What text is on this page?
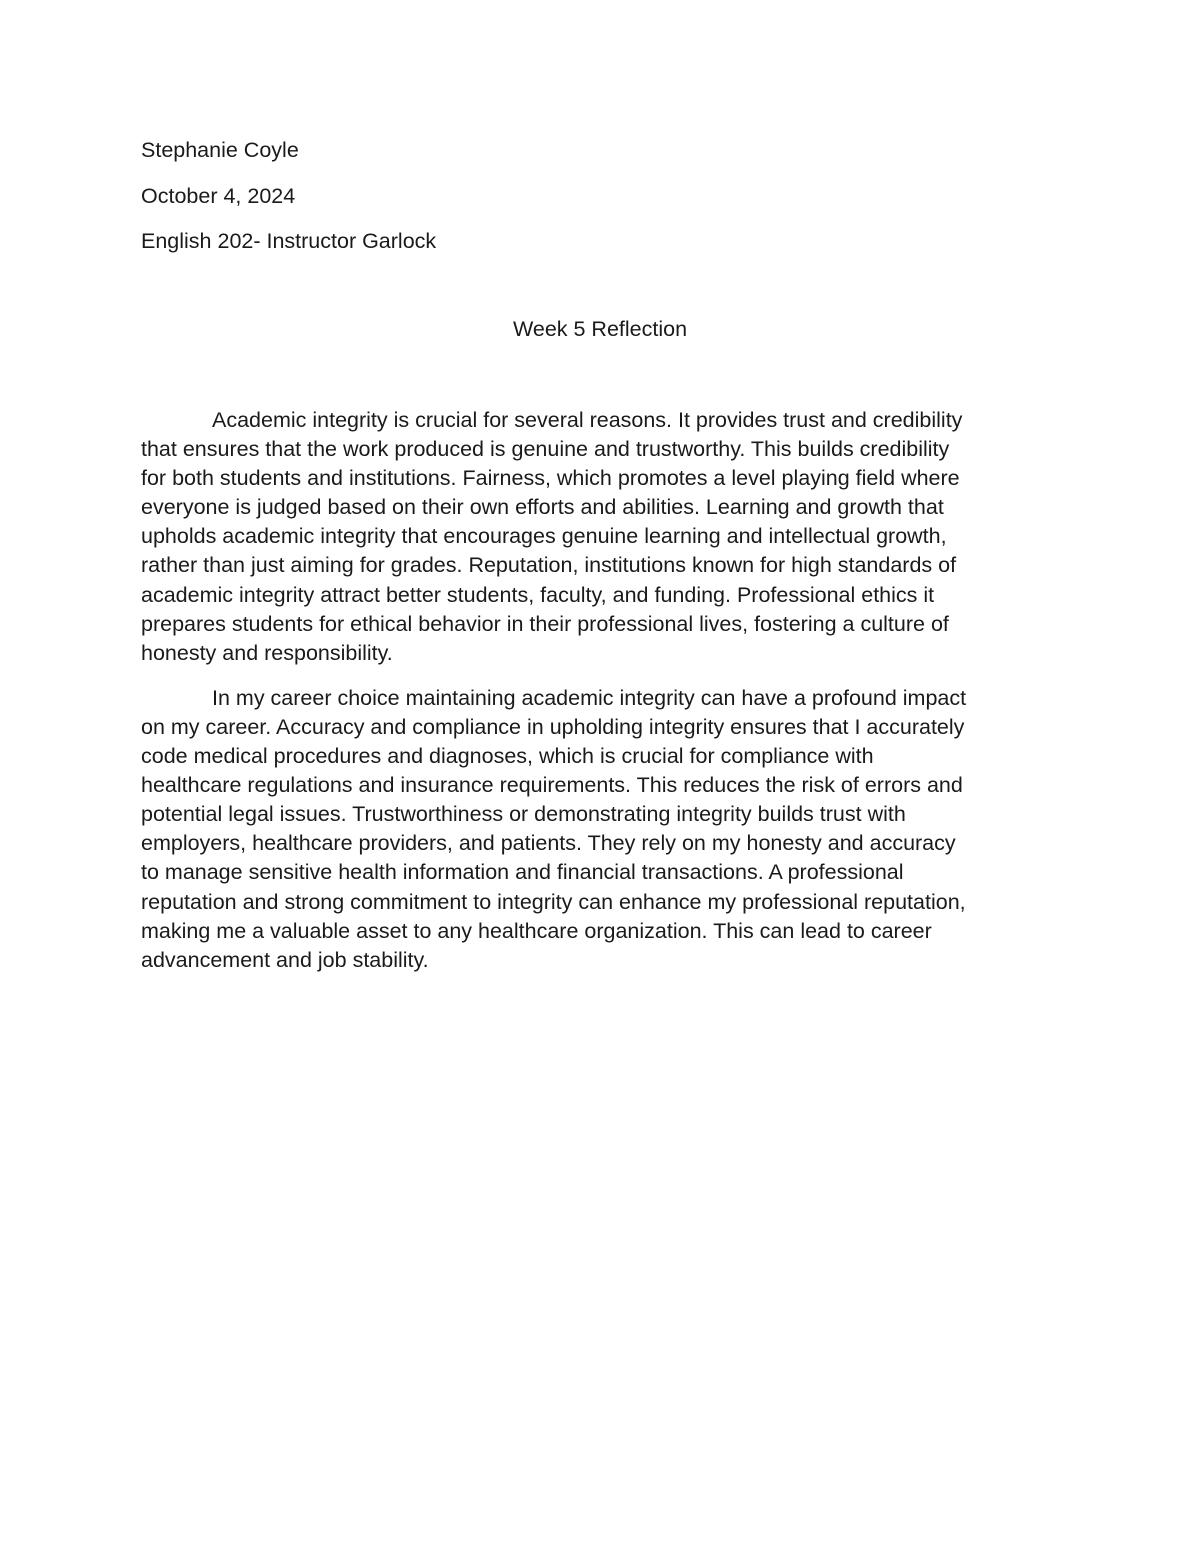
Stephanie Coyle
October 4, 2024
English 202- Instructor Garlock
Week 5 Reflection
Academic integrity is crucial for several reasons. It provides trust and credibility
that ensures that the work produced is genuine and trustworthy. This builds credibility
for both students and institutions. Fairness, which promotes a level playing field where
everyone is judged based on their own efforts and abilities. Learning and growth that
upholds academic integrity that encourages genuine learning and intellectual growth,
rather than just aiming for grades. Reputation, institutions known for high standards of
academic integrity attract better students, faculty, and funding. Professional ethics it
prepares students for ethical behavior in their professional lives, fostering a culture of
honesty and responsibility.
In my career choice maintaining academic integrity can have a profound impact
on my career. Accuracy and compliance in upholding integrity ensures that I accurately
code medical procedures and diagnoses, which is crucial for compliance with
healthcare regulations and insurance requirements. This reduces the risk of errors and
potential legal issues. Trustworthiness or demonstrating integrity builds trust with
employers, healthcare providers, and patients. They rely on my honesty and accuracy
to manage sensitive health information and financial transactions. A professional
reputation and strong commitment to integrity can enhance my professional reputation,
making me a valuable asset to any healthcare organization. This can lead to career
advancement and job stability.
